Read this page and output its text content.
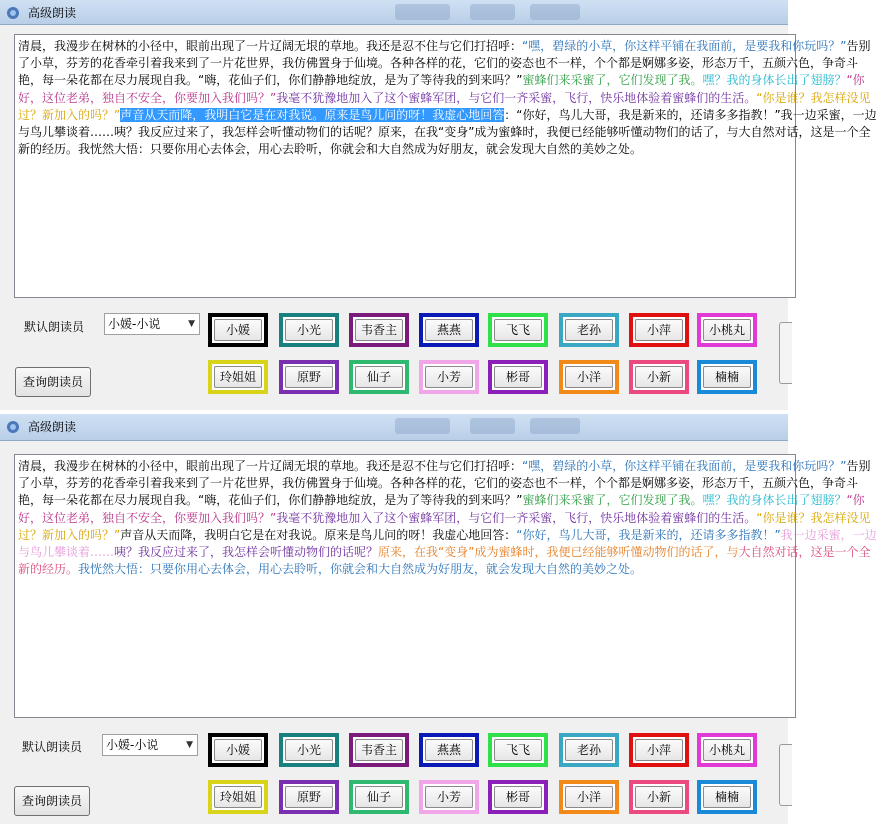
高级朗读
清晨，我漫步在树林的小径中，眼前出现了一片辽阔无垠的草地。我还是忍不住与它们打招呼：“嘿，碧绿的小草，你这样平铺在我面前，是要我和你玩吗？”告别了小草，芬芳的花香牵引着我来到了一片花世界，我仿佛置身于仙境。各种各样的花，它们的姿态也不一样，个个都是婀娜多姿，形态万千，五颜六色，争奇斗艳，每一朵花都在尽力展现自我。“嗨，花仙子们，你们静静地绽放，是为了等待我的到来吗？”蜜蜂们来采蜜了，它们发现了我。嘿？我的身体长出了翅膀？“你好，这位老弟，独自不安全，你要加入我们吗？”我毫不犹豫地加入了这个蜜蜂军团，与它们一齐采蜜，飞行，快乐地体验着蜜蜂们的生活。“你是谁？我怎样没见过？新加入的吗？”声音从天而降，我明白它是在对我说。原来是鸟儿问的呀！我虚心地回答：“你好，鸟儿大哥，我是新来的，还请多多指教！”我一边采蜜，一边与鸟儿攀谈着……咦？我反应过来了，我怎样会听懂动物们的话呢？原来，在我“变身”成为蜜蜂时，我便已经能够听懂动物们的话了，与大自然对话，这是一个全新的经历。我恍然大悟：只要你用心去体会，用心去聆听，你就会和大自然成为好朋友，就会发现大自然的美妙之处。
默认朗读员 小媛-小说	▼
查询朗读员
小媛	小光	韦香主	燕燕	飞飞	老孙	小萍	小桃丸
玲姐姐	原野	仙子	小芳	彬哥	小洋	小新	楠楠
高级朗读
清晨，我漫步在树林的小径中，眼前出现了一片辽阔无垠的草地。我还是忍不住与它们打招呼：“嘿，碧绿的小草，你这样平铺在我面前，是要我和你玩吗？”告别了小草，芬芳的花香牵引着我来到了一片花世界，我仿佛置身于仙境。各种各样的花，它们的姿态也不一样，个个都是婀娜多姿，形态万千，五颜六色，争奇斗艳，每一朵花都在尽力展现自我。“嗨，花仙子们，你们静静地绽放，是为了等待我的到来吗？”蜜蜂们来采蜜了，它们发现了我。嘿？我的身体长出了翅膀？“你好，这位老弟，独自不安全，你要加入我们吗？”我毫不犹豫地加入了这个蜜蜂军团，与它们一齐采蜜，飞行，快乐地体验着蜜蜂们的生活。“你是谁？我怎样没见过？新加入的吗？”声音从天而降，我明白它是在对我说。原来是鸟儿问的呀！我虚心地回答：“你好，鸟儿大哥，我是新来的，还请多多指教！”我一边采蜜，一边与鸟儿攀谈着……咦？我反应过来了，我怎样会听懂动物们的话呢？原来，在我“变身”成为蜜蜂时，我便已经能够听懂动物们的话了，与大自然对话，这是一个全新的经历。我恍然大悟：只要你用心去体会，用心去聆听，你就会和大自然成为好朋友，就会发现大自然的美妙之处。
默认朗读员 小媛-小说	▼
查询朗读员
小媛	小光	韦香主	燕燕	飞飞	老孙	小萍	小桃丸
玲姐姐	原野	仙子	小芳	彬哥	小洋	小新	楠楠
